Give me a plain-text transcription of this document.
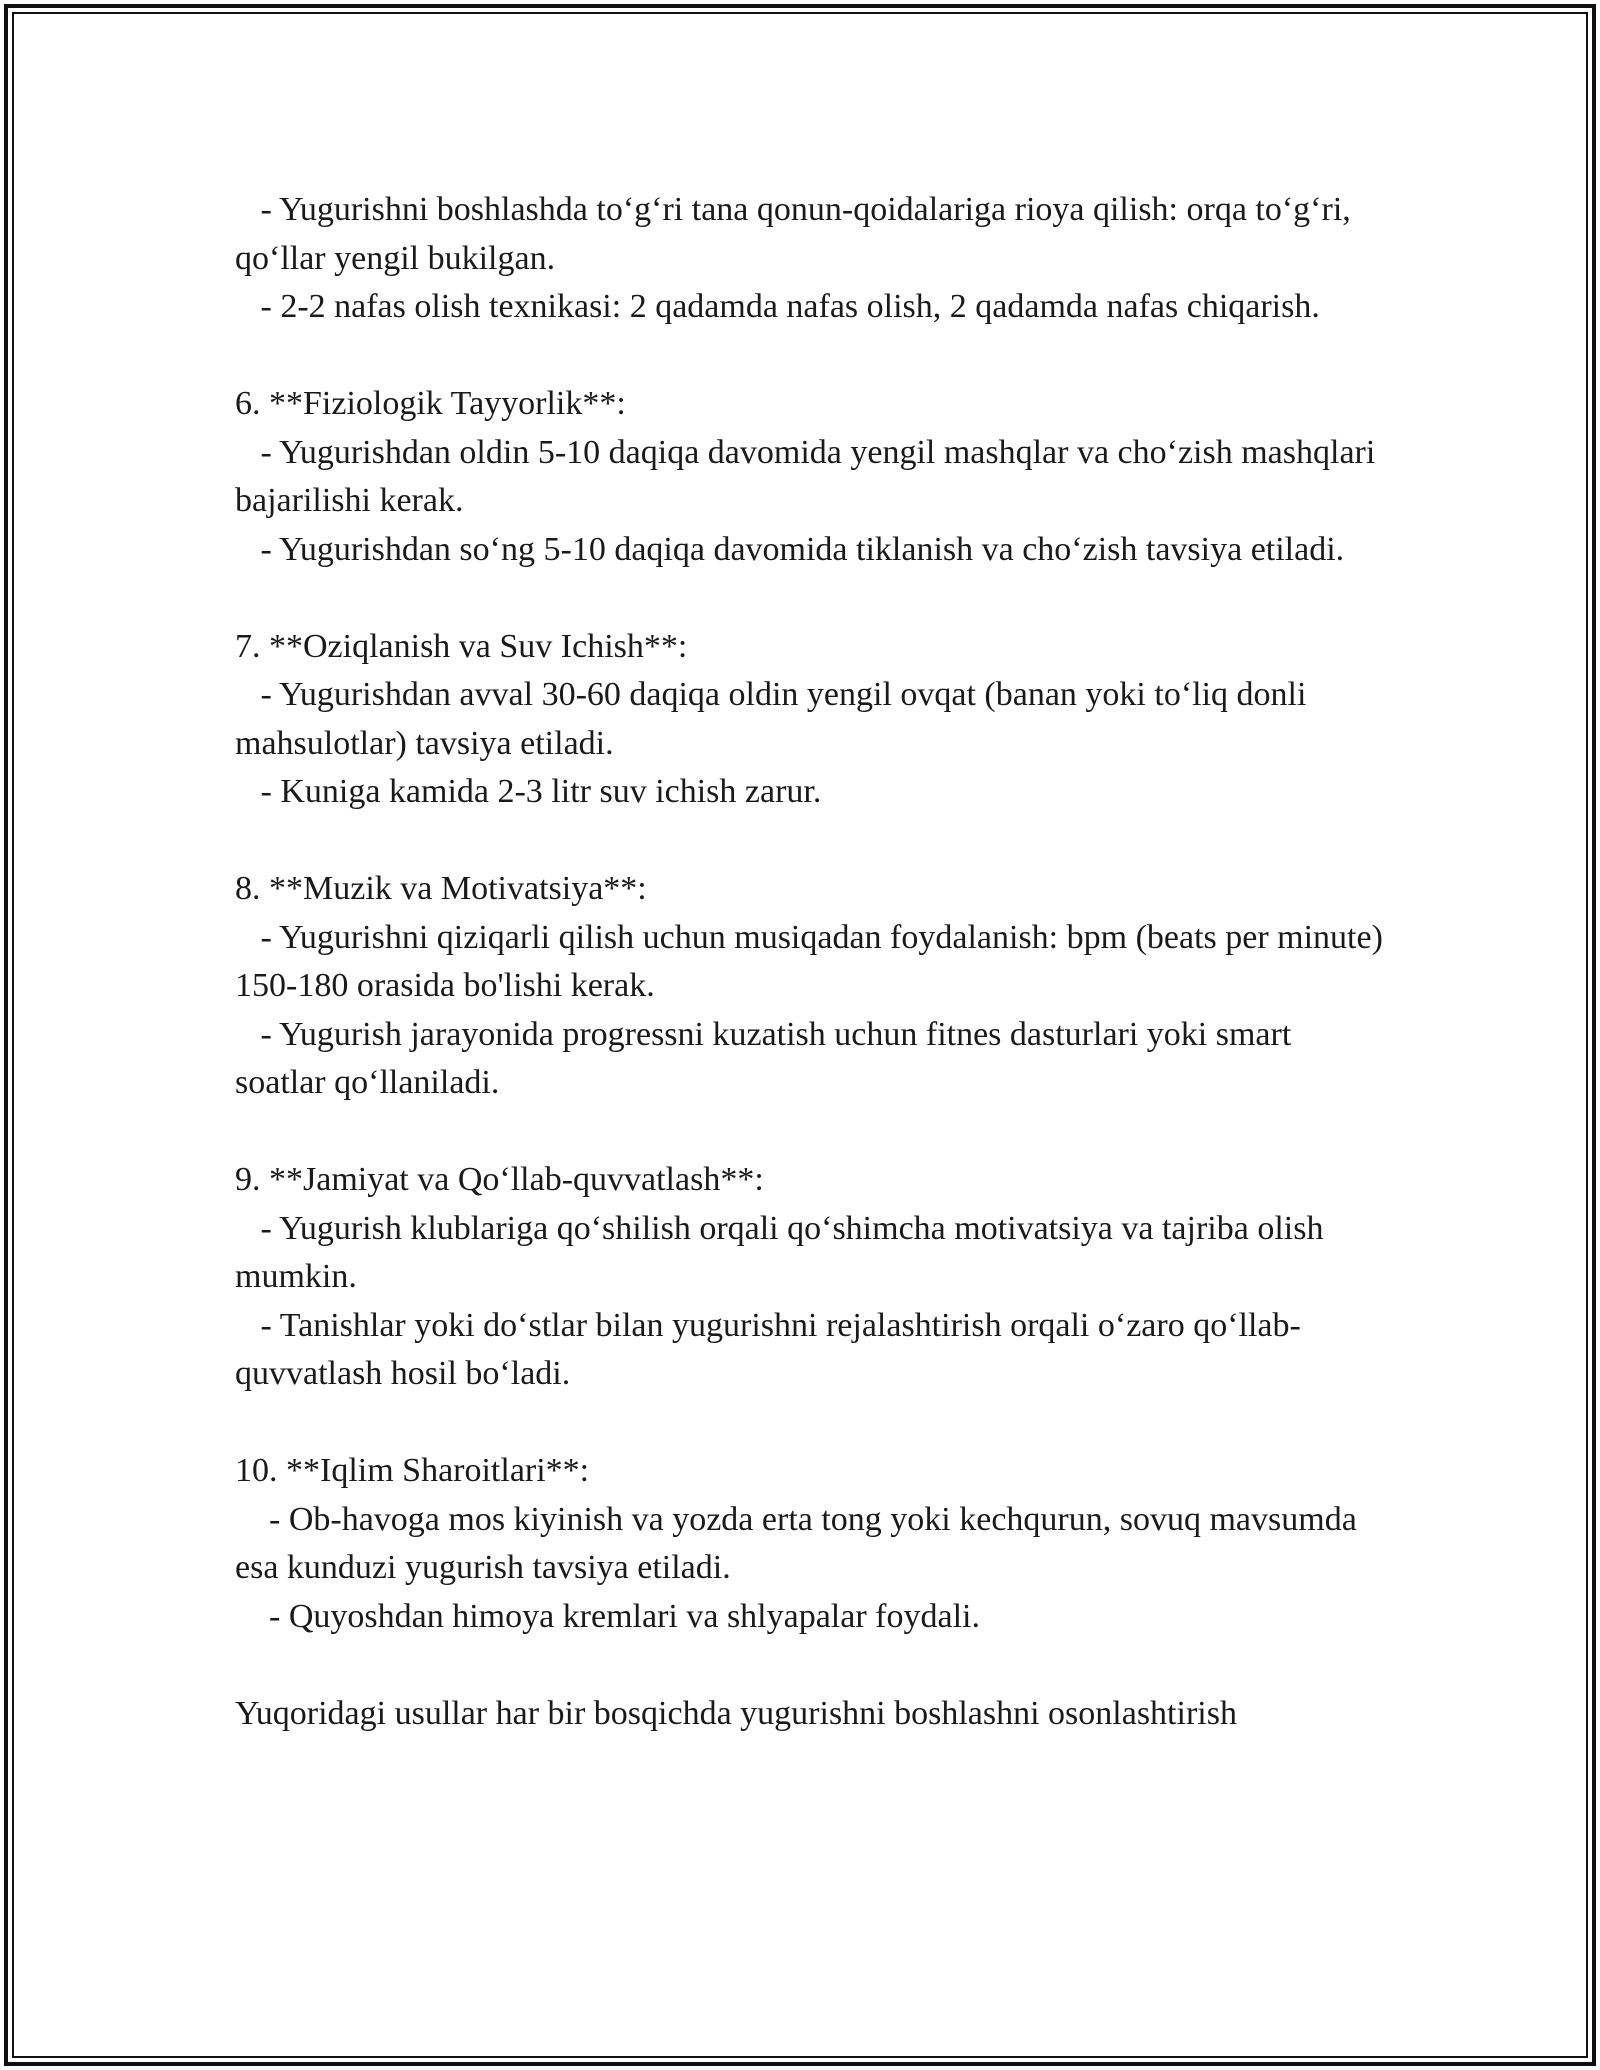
- Yugurishni boshlashda to‘g‘ri tana qonun-qoidalariga rioya qilish: orqa to‘g‘ri, qo‘llar yengil bukilgan.

- 2-2 nafas olish texnikasi: 2 qadamda nafas olish, 2 qadamda nafas chiqarish.

6. **Fiziologik Tayyorlik**:

- Yugurishdan oldin 5-10 daqiqa davomida yengil mashqlar va cho‘zish mashqlari bajarilishi kerak.

- Yugurishdan so‘ng 5-10 daqiqa davomida tiklanish va cho‘zish tavsiya etiladi.

7. **Oziqlanish va Suv Ichish**:

- Yugurishdan avval 30-60 daqiqa oldin yengil ovqat (banan yoki to‘liq donli mahsulotlar) tavsiya etiladi.

- Kuniga kamida 2-3 litr suv ichish zarur.

8. **Muzik va Motivatsiya**:

- Yugurishni qiziqarli qilish uchun musiqadan foydalanish: bpm (beats per minute) 150-180 orasida bo'lishi kerak.

- Yugurish jarayonida progressni kuzatish uchun fitnes dasturlari yoki smart soatlar qo‘llaniladi.

9. **Jamiyat va Qo‘llab-quvvatlash**:

- Yugurish klublariga qo‘shilish orqali qo‘shimcha motivatsiya va tajriba olish mumkin.

- Tanishlar yoki do‘stlar bilan yugurishni rejalashtirish orqali o‘zaro qo‘llab-quvvatlash hosil bo‘ladi.

10. **Iqlim Sharoitlari**:

- Ob-havoga mos kiyinish va yozda erta tong yoki kechqurun, sovuq mavsumda esa kunduzi yugurish tavsiya etiladi.

- Quyoshdan himoya kremlari va shlyapalar foydali.

Yuqoridagi usullar har bir bosqichda yugurishni boshlashni osonlashtirish
